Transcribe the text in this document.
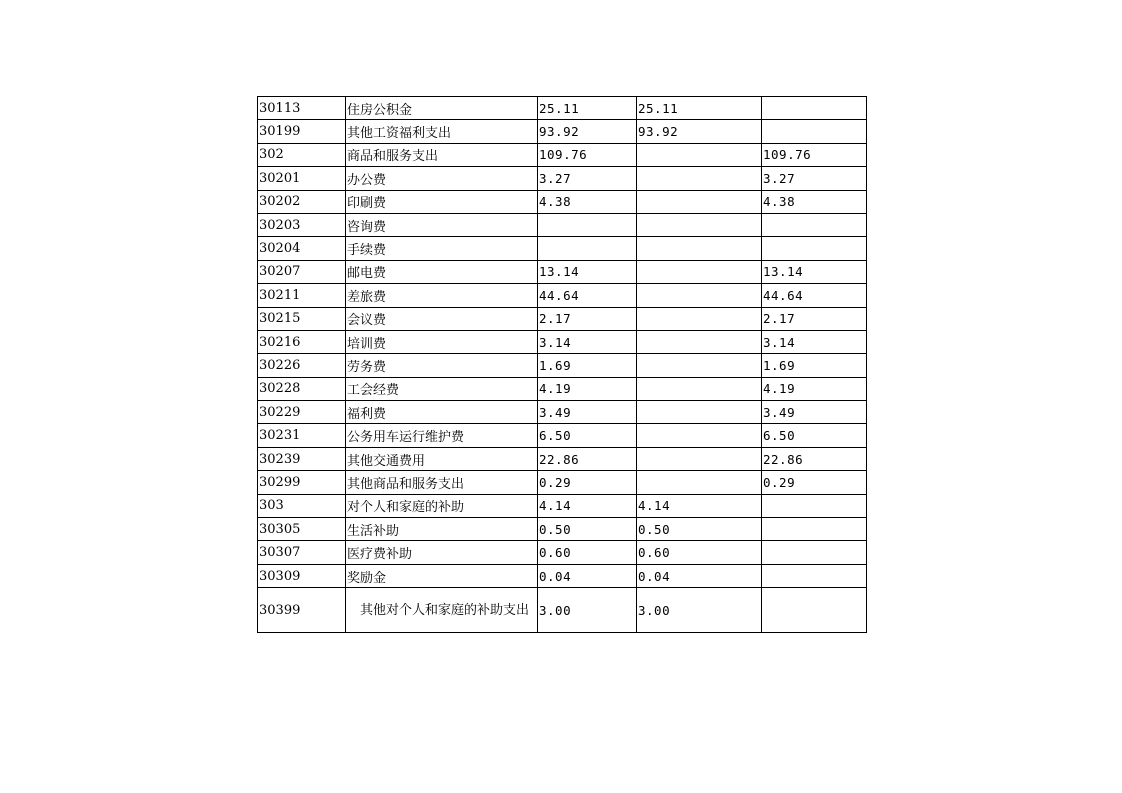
30113	住房公积金	25.11	25.11	
30199	其他工资福利支出	93.92	93.92	
302	商品和服务支出	109.76		109.76
30201	办公费	3.27		3.27
30202	印刷费	4.38		4.38
30203	咨询费			
30204	手续费			
30207	邮电费	13.14		13.14
30211	差旅费	44.64		44.64
30215	会议费	2.17		2.17
30216	培训费	3.14		3.14
30226	劳务费	1.69		1.69
30228	工会经费	4.19		4.19
30229	福利费	3.49		3.49
30231	公务用车运行维护费	6.50		6.50
30239	其他交通费用	22.86		22.86
30299	其他商品和服务支出	0.29		0.29
303	对个人和家庭的补助	4.14	4.14	
30305	生活补助	0.50	0.50	
30307	医疗费补助	0.60	0.60	
30309	奖励金	0.04	0.04	
30399	其他对个人和家庭的补助支出	3.00	3.00	
